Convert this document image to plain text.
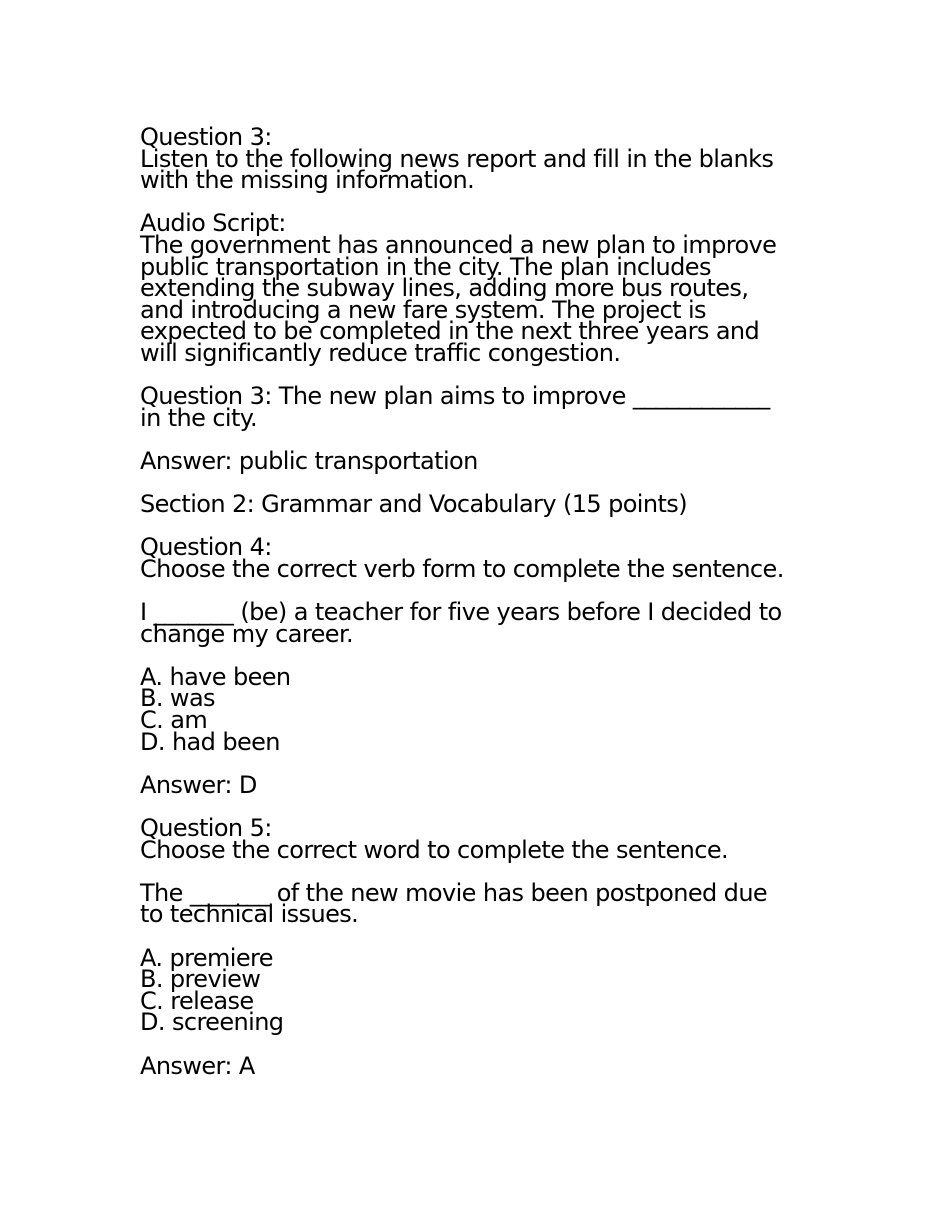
Question 3:
Listen to the following news report and fill in the blanks
with the missing information.
Audio Script:
The government has announced a new plan to improve
public transportation in the city. The plan includes
extending the subway lines, adding more bus routes,
and introducing a new fare system. The project is
expected to be completed in the next three years and
will significantly reduce traffic congestion.
Question 3: The new plan aims to improve ____________
in the city.
Answer: public transportation
Section 2: Grammar and Vocabulary (15 points)
Question 4:
Choose the correct verb form to complete the sentence.
I _______ (be) a teacher for five years before I decided to
change my career.
A. have been
B. was
C. am
D. had been
Answer: D
Question 5:
Choose the correct word to complete the sentence.
The _______ of the new movie has been postponed due
to technical issues.
A. premiere
B. preview
C. release
D. screening
Answer: A
